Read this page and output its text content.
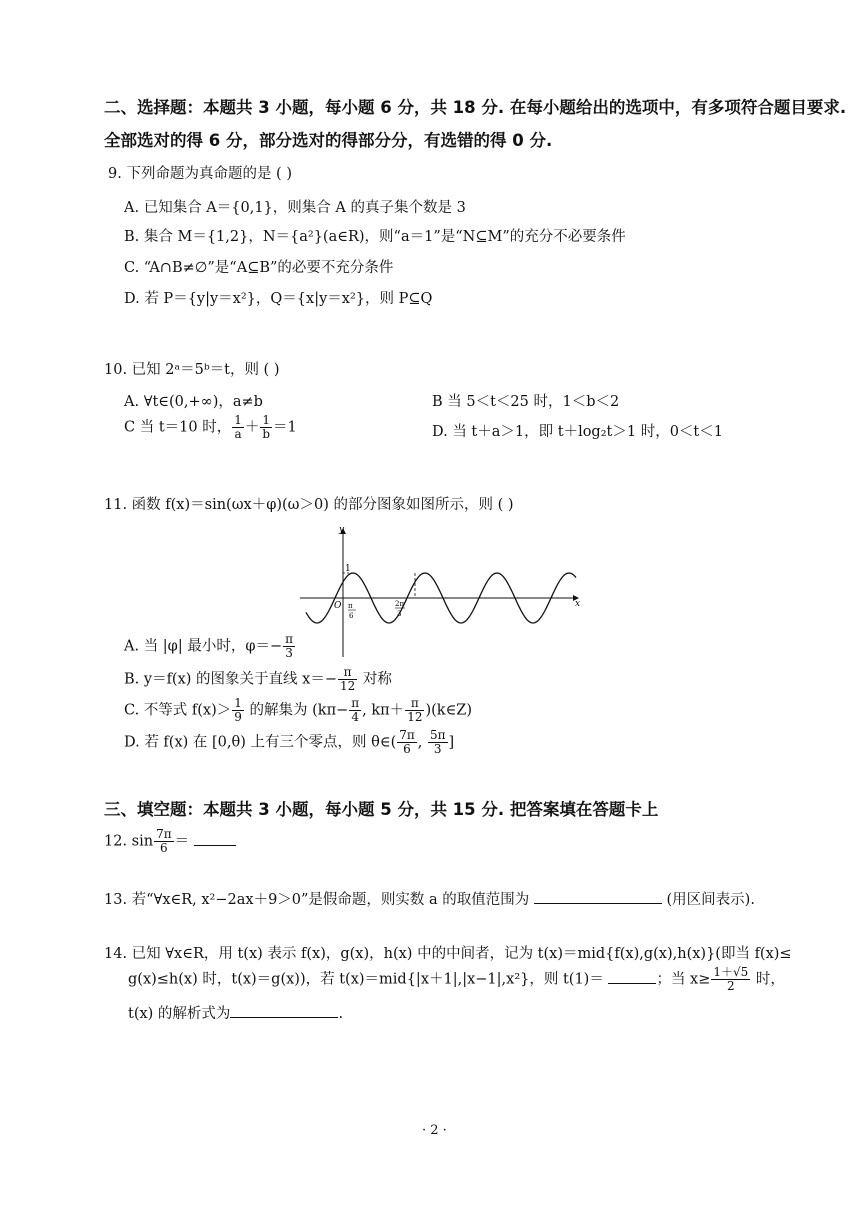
二、选择题：本题共 3 小题，每小题 6 分，共 18 分. 在每小题给出的选项中，有多项符合题目要求.
全部选对的得 6 分，部分选对的得部分分，有选错的得 0 分.
9. 下列命题为真命题的是 ( )
A. 已知集合 A＝{0,1}，则集合 A 的真子集个数是 3
B. 集合 M＝{1,2}，N＝{a²}(a∈R)，则“a＝1”是“N⊆M”的充分不必要条件
C. “A∩B≠∅”是“A⊆B”的必要不充分条件
D. 若 P＝{y|y＝x²}，Q＝{x|y＝x²}，则 P⊆Q
10. 已知 2ᵃ＝5ᵇ＝t，则 ( )
A. ∀t∈(0,+∞)，a≠b	B 当 5＜t＜25 时，1＜b＜2
C 当 t＝10 时， $\frac{1}{a} + \frac{1}{b} =1$	D. 当 t＋a＞1，即 t＋log₂t＞1 时，0＜t＜1
11. 函数 f(x)＝sin(ωx＋φ)(ω＞0) 的部分图象如图所示，则 ( )
y
x
O
1
π
6
2π
3
A. 当 |φ| 最小时，$\varphi=- \frac{\pi}{3}$
B. y＝f(x) 的图象关于直线 $x=- \frac{\pi}{12}$ 对称
C. 不等式 $f(x)> \frac{1}{9}$ 的解集为 ($k\pi- \frac{\pi}{4}$ , $k\pi+ \frac{\pi}{12}$ )(k∈Z)
D. 若 f(x) 在 [0,θ) 上有三个零点，则 θ∈( $\frac{7\pi}{6}$ , $\frac{5\pi}{3}$ ]
三、填空题：本题共 3 小题，每小题 5 分，共 15 分. 把答案填在答题卡上
12. $\sin \frac{7\pi}{6}$ ＝
13. 若“∀x∈R, x²−2ax＋9＞0”是假命题，则实数 a 的取值范围为	(用区间表示).
14. 已知 ∀x∈R，用 t(x) 表示 f(x)，g(x)，h(x) 中的中间者，记为 t(x)＝mid{f(x),g(x),h(x)}(即当 f(x)≤
g(x)≤h(x) 时，t(x)＝g(x))，若 t(x)＝mid{|x＋1|,|x−1|,x²}，则 t(1)＝	；当 $x\ge \frac{1+√5}{2}$ 时，
t(x) 的解析式为	.
· 2 ·
